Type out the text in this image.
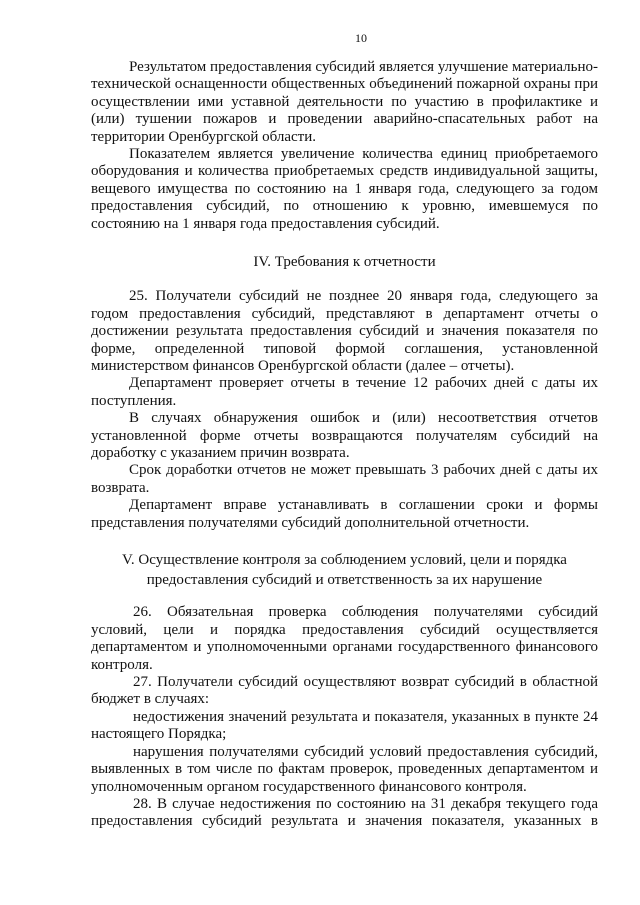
10

Результатом предоставления субсидий является улучшение материально-технической оснащенности общественных объединений пожарной охраны при осуществлении ими уставной деятельности по участию в профилактике и (или) тушении пожаров и проведении аварийно-спасательных работ на территории Оренбургской области.

Показателем является увеличение количества единиц приобретаемого оборудования и количества приобретаемых средств индивидуальной защиты, вещевого имущества по состоянию на 1 января года, следующего за годом предоставления субсидий, по отношению к уровню, имевшемуся по состоянию на 1 января года предоставления субсидий.

IV. Требования к отчетности

25. Получатели субсидий не позднее 20 января года, следующего за годом предоставления субсидий, представляют в департамент отчеты о достижении результата предоставления субсидий и значения показателя по форме, определенной типовой формой соглашения, установленной министерством финансов Оренбургской области (далее – отчеты).

Департамент проверяет отчеты в течение 12 рабочих дней с даты их поступления.

В случаях обнаружения ошибок и (или) несоответствия отчетов установленной форме отчеты возвращаются получателям субсидий на доработку с указанием причин возврата.

Срок доработки отчетов не может превышать 3 рабочих дней с даты их возврата.

Департамент вправе устанавливать в соглашении сроки и формы представления получателями субсидий дополнительной отчетности.

V. Осуществление контроля за соблюдением условий, цели и порядка предоставления субсидий и ответственность за их нарушение

26. Обязательная проверка соблюдения получателями субсидий условий, цели и порядка предоставления субсидий осуществляется департаментом и уполномоченными органами государственного финансового контроля.

27. Получатели субсидий осуществляют возврат субсидий в областной бюджет в случаях:

недостижения значений результата и показателя, указанных в пункте 24 настоящего Порядка;

нарушения получателями субсидий условий предоставления субсидий, выявленных в том числе по фактам проверок, проведенных департаментом и уполномоченным органом государственного финансового контроля.

28. В случае недостижения по состоянию на 31 декабря текущего года предоставления субсидий результата и значения показателя, указанных в
